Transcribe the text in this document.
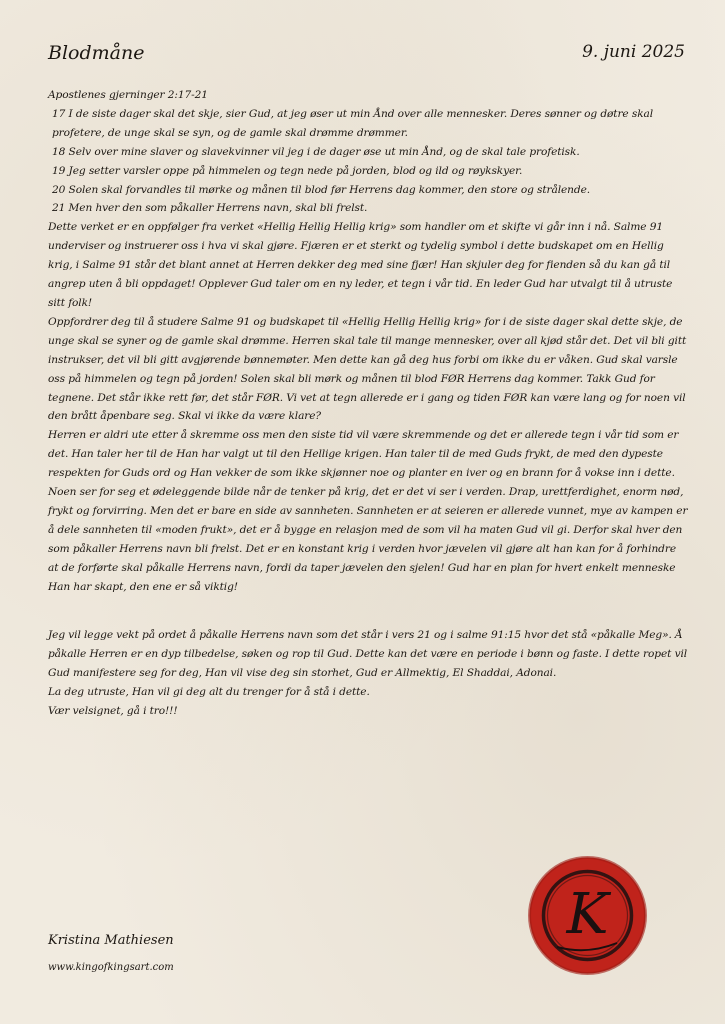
Blodmåne	9. juni 2025

Apostlenes gjerninger 2:17-21

17 I de siste dager skal det skje, sier Gud, at jeg øser ut min Ånd over alle mennesker. Deres sønner og døtre skal profetere, de unge skal se syn, og de gamle skal drømme drømmer.

18 Selv over mine slaver og slavekvinner vil jeg i de dager øse ut min Ånd, og de skal tale profetisk.

19 Jeg setter varsler oppe på himmelen og tegn nede på jorden, blod og ild og røykskyer.

20 Solen skal forvandles til mørke og månen til blod før Herrens dag kommer, den store og strålende.

21 Men hver den som påkaller Herrens navn, skal bli frelst.

Dette verket er en oppfølger fra verket «Hellig Hellig Hellig krig» som handler om et skifte vi går inn i nå. Salme 91 underviser og instruerer oss i hva vi skal gjøre. Fjæren er et sterkt og tydelig symbol i dette budskapet om en Hellig krig, i Salme 91 står det blant annet at Herren dekker deg med sine fjær! Han skjuler deg for fienden så du kan gå til angrep uten å bli oppdaget! Opplever Gud taler om en ny leder, et tegn i vår tid. En leder Gud har utvalgt til å utruste sitt folk!

Oppfordrer deg til å studere Salme 91 og budskapet til «Hellig Hellig Hellig krig» for i de siste dager skal dette skje, de unge skal se syner og de gamle skal drømme. Herren skal tale til mange mennesker, over all kjød står det. Det vil bli gitt instrukser, det vil bli gitt avgjørende bønnemøter. Men dette kan gå deg hus forbi om ikke du er våken. Gud skal varsle oss på himmelen og tegn på jorden! Solen skal bli mørk og månen til blod FØR Herrens dag kommer. Takk Gud for tegnene. Det står ikke rett før, det står FØR. Vi vet at tegn allerede er i gang og tiden FØR kan være lang og for noen vil den brått åpenbare seg. Skal vi ikke da være klare?

Herren er aldri ute etter å skremme oss men den siste tid vil være skremmende og det er allerede tegn i vår tid som er det. Han taler her til de Han har valgt ut til den Hellige krigen. Han taler til de med Guds frykt, de med den dypeste respekten for Guds ord og Han vekker de som ikke skjønner noe og planter en iver og en brann for å vokse inn i dette. Noen ser for seg et ødeleggende bilde når de tenker på krig, det er det vi ser i verden. Drap, urettferdighet, enorm nød, frykt og forvirring. Men det er bare en side av sannheten. Sannheten er at seieren er allerede vunnet, mye av kampen er å dele sannheten til «moden frukt», det er å bygge en relasjon med de som vil ha maten Gud vil gi. Derfor skal hver den som påkaller Herrens navn bli frelst. Det er en konstant krig i verden hvor jævelen vil gjøre alt han kan for å forhindre at de forførte skal påkalle Herrens navn, fordi da taper jævelen den sjelen! Gud har en plan for hvert enkelt menneske Han har skapt, den ene er så viktig!

Jeg vil legge vekt på ordet å påkalle Herrens navn som det står i vers 21 og i salme 91:15 hvor det stå «påkalle Meg». Å påkalle Herren er en dyp tilbedelse, søken og rop til Gud. Dette kan det være en periode i bønn og faste. I dette ropet vil Gud manifestere seg for deg, Han vil vise deg sin storhet, Gud er Allmektig, El Shaddai, Adonai.

La deg utruste, Han vil gi deg alt du trenger for å stå i dette.

Vær velsignet, gå i tro!!!

Kristina Mathiesen
www.kingofkingsart.com
K
